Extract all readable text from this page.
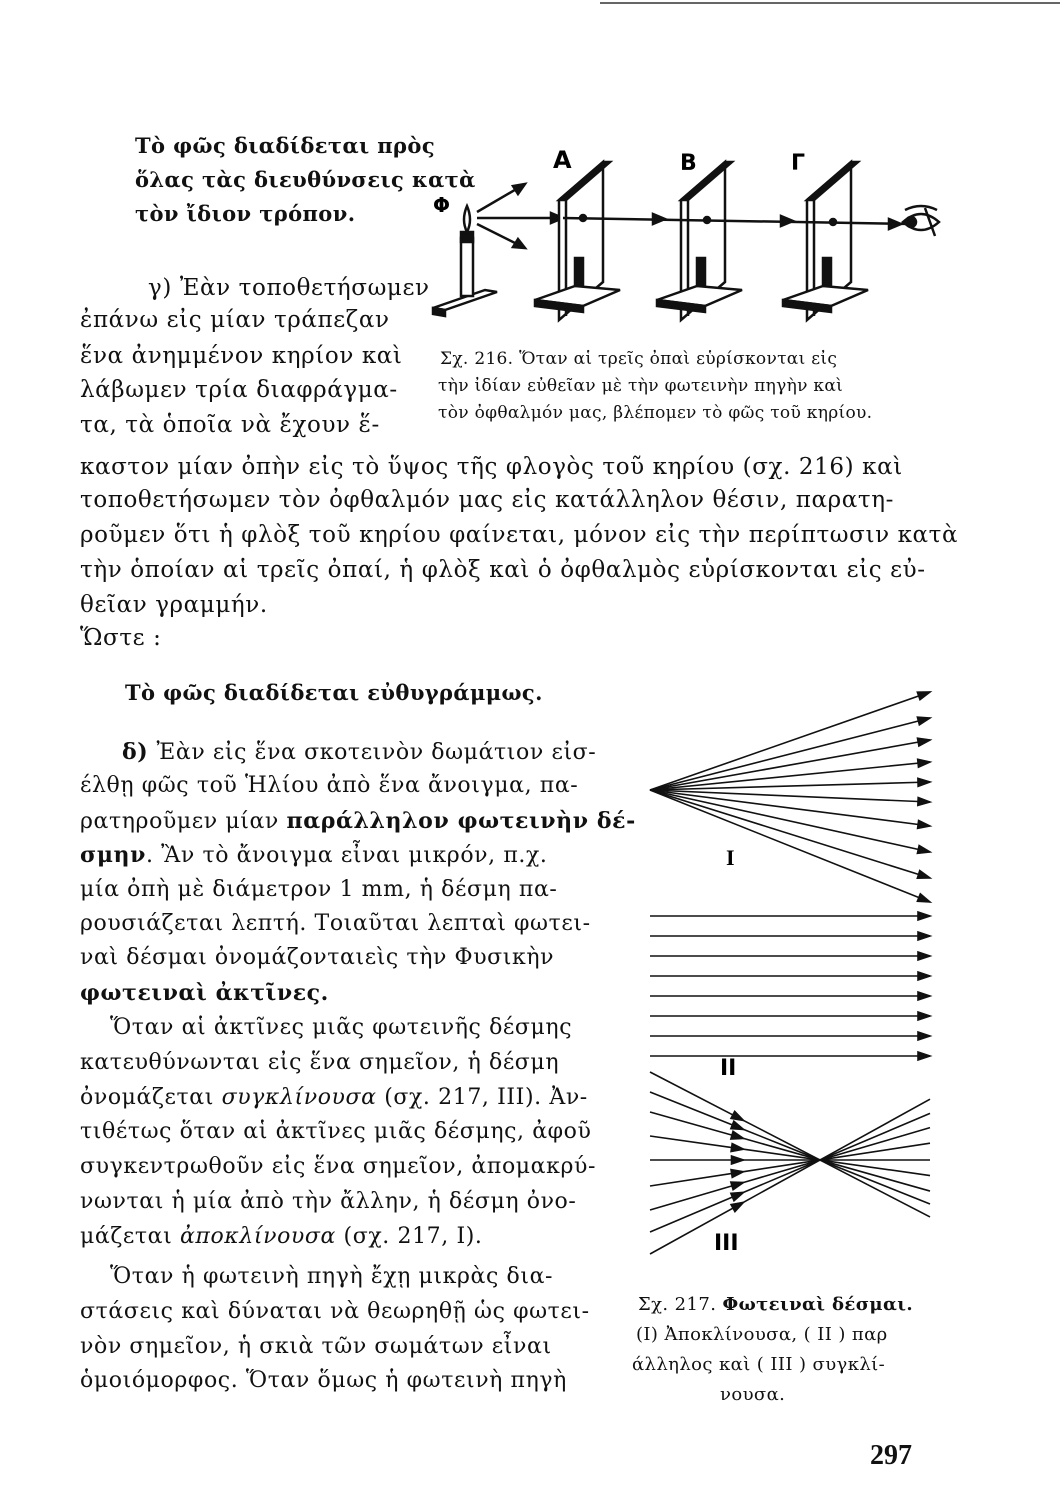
Τὸ φῶς διαδίδεται πρὸς
ὅλας τὰς διευθύνσεις κατὰ
τὸν ἴδιον τρόπον.	Φ
Α	Β	Γ
γ) Ἐὰν τοποθετήσωμεν
ἐπάνω εἰς μίαν τράπεζαν
ἕνα ἀνημμένον κηρίον καὶ
λάβωμεν τρία διαφράγμα-
τα, τὰ ὁποῖα νὰ ἔχουν ἕ-
Σχ. 216. Ὅταν αἱ τρεῖς ὀπαὶ εὑρίσκονται εἰς
τὴν ἰδίαν εὐθεῖαν μὲ τὴν φωτεινὴν πηγὴν καὶ
τὸν ὀφθαλμόν μας, βλέπομεν τὸ φῶς τοῦ κηρίου.
καστον μίαν ὀπὴν εἰς τὸ ὕψος τῆς φλογὸς τοῦ κηρίου (σχ. 216) καὶ
τοποθετήσωμεν τὸν ὀφθαλμόν μας εἰς κατάλληλον θέσιν, παρατη-
ροῦμεν ὅτι ἡ φλὸξ τοῦ κηρίου φαίνεται, μόνον εἰς τὴν περίπτωσιν κατὰ
τὴν ὁποίαν αἱ τρεῖς ὀπαί, ἡ φλὸξ καὶ ὁ ὀφθαλμὸς εὑρίσκονται εἰς εὐ-
θεῖαν γραμμήν.
Ὥστε :
Τὸ φῶς διαδίδεται εὐθυγράμμως.
δ) Ἐὰν εἰς ἕνα σκοτεινὸν δωμάτιον εἰσ-
έλθῃ φῶς τοῦ Ἡλίου ἀπὸ ἕνα ἄνοιγμα, πα-
ρατηροῦμεν μίαν παράλληλον φωτεινὴν δέ-
σμην. Ἂν τὸ ἄνοιγμα εἶναι μικρόν, π.χ.
μία ὀπὴ μὲ διάμετρον 1 mm, ἡ δέσμη πα-
ρουσιάζεται λεπτή. Τοιαῦται λεπταὶ φωτει-
ναὶ δέσμαι ὀνομάζονταιεὶς τὴν Φυσικὴν
φωτειναὶ ἀκτῖνες.
Ὅταν αἱ ἀκτῖνες μιᾶς φωτεινῆς δέσμης
κατευθύνωνται εἰς ἕνα σημεῖον, ἡ δέσμη
ὀνομάζεται συγκλίνουσα (σχ. 217, III). Ἀν-
τιθέτως ὅταν αἱ ἀκτῖνες μιᾶς δέσμης, ἀφοῦ
συγκεντρωθοῦν εἰς ἕνα σημεῖον, ἀπομακρύ-
νωνται ἡ μία ἀπὸ τὴν ἄλλην, ἡ δέσμη ὀνο-
μάζεται ἀποκλίνουσα (σχ. 217, I).
Ὅταν ἡ φωτεινὴ πηγὴ ἔχῃ μικρὰς δια-
στάσεις καὶ δύναται νὰ θεωρηθῇ ὡς φωτει-
νὸν σημεῖον, ἡ σκιὰ τῶν σωμάτων εἶναι
ὁμοιόμορφος. Ὅταν ὅμως ἡ φωτεινὴ πηγὴ
I
II
III
Σχ. 217. Φωτειναὶ δέσμαι.
(I) Ἀποκλίνουσα, ( II ) παρ
άλληλος καὶ ( III ) συγκλί-
νουσα.
297
